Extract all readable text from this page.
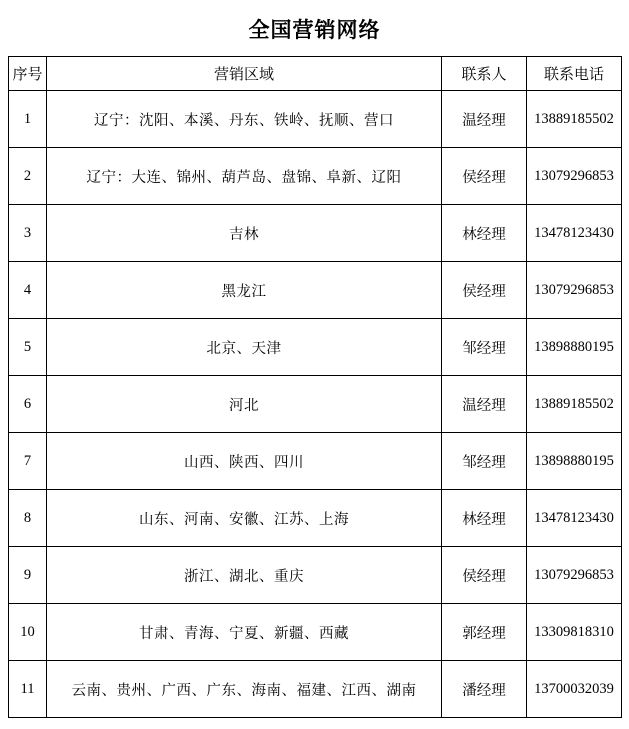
全国营销网络
序号	营销区域	联系人	联系电话
1	辽宁：沈阳、本溪、丹东、铁岭、抚顺、营口	温经理	13889185502
2	辽宁：大连、锦州、葫芦岛、盘锦、阜新、辽阳	侯经理	13079296853
3	吉林	林经理	13478123430
4	黑龙江	侯经理	13079296853
5	北京、天津	邹经理	13898880195
6	河北	温经理	13889185502
7	山西、陕西、四川	邹经理	13898880195
8	山东、河南、安徽、江苏、上海	林经理	13478123430
9	浙江、湖北、重庆	侯经理	13079296853
10	甘肃、青海、宁夏、新疆、西藏	郭经理	13309818310
11	云南、贵州、广西、广东、海南、福建、江西、湖南	潘经理	13700032039
